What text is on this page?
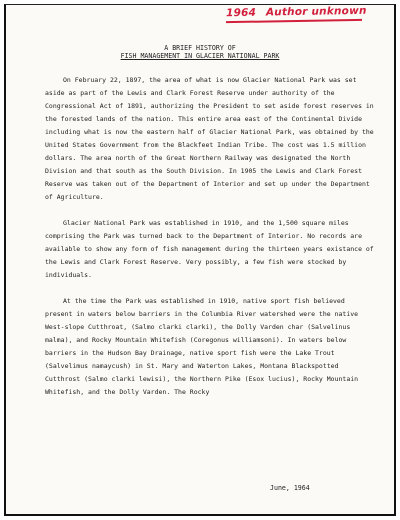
1964 Author unknown
A BRIEF HISTORY OF
FISH MANAGEMENT IN GLACIER NATIONAL PARK

On February 22, 1897, the area of what is now Glacier National Park was set aside as part of the Lewis and Clark Forest Reserve under authority of the Congressional Act of 1891, authorizing the President to set aside forest reserves in the forested lands of the nation. This entire area east of the Continental Divide including what is now the eastern half of Glacier National Park, was obtained by the United States Government from the Blackfeet Indian Tribe. The cost was 1.5 million dollars. The area north of the Great Northern Railway was designated the North Division and that south as the South Division. In 1905 the Lewis and Clark Forest Reserve was taken out of the Department of Interior and set up under the Department of Agriculture.

Glacier National Park was established in 1910, and the 1,500 square miles comprising the Park was turned back to the Department of Interior. No records are available to show any form of fish management during the thirteen years existance of the Lewis and Clark Forest Reserve. Very possibly, a few fish were stocked by individuals.

At the time the Park was established in 1910, native sport fish believed present in waters below barriers in the Columbia River watershed were the native West-slope Cutthroat, (Salmo clarki clarki), the Dolly Varden char (Salvelinus malma), and Rocky Mountain Whitefish (Coregonus williamsoni). In waters below barriers in the Hudson Bay Drainage, native sport fish were the Lake Trout (Salvelimus namaycush) in St. Mary and Waterton Lakes, Montana Blackspotted Cutthrost (Salmo clarki lewisi), the Northern Pike (Esox lucius), Rocky Mountain Whitefish, and the Dolly Varden. The Rocky

June, 1964
